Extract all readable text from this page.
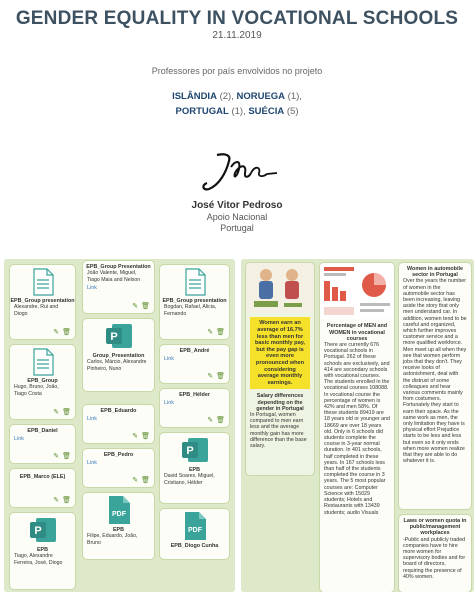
GENDER EQUALITY IN VOCATIONAL SCHOOLS
21.11.2019
Professores por país envolvidos no projeto
ISLÂNDIA (2), NORUEGA (1),
PORTUGAL (1), SUÉCIA (5)
José Vitor Pedroso
Apoio Nacional
Portugal
EPB_Group presentation
Alexandre, Rui and Diogo
✎ 🗑
EPB_Group
Hugo, Bruno, João, Tiago Costa
✎ 🗑
EPB_Daniel
Link
✎ 🗑
EPB_Marco (ELE)
✎ 🗑
P
EPB
Tiago, Alexandre Ferreira, José, Diogo
EPB_Group Presentation
João Valente, Miguel, Tiago Maia and Nelson
Link
✎ 🗑
P
Group_Presentation
Carlos, Márcio, Alexandre Pinheiro, Nuno
EPB_Eduardo
Link
✎ 🗑
EPB_Pedro
Link
✎ 🗑
PDF
EPB
Filipe, Eduardo, João, Bruno
EPB_Group presentation
Bogdan, Rafael, Alicia, Fernando
✎ 🗑
EPB_André
Link
✎ 🗑
EPB_Hélder
Link
✎ 🗑
P
EPB
David Soares, Miguel, Cristiano, Hélder
PDF
EPB_Diogo Cunha
Women earn an average of 16.7% less than men for basic monthly pay, but the pay gap is even more pronounced when considering average monthly earnings.
Salary differences depending on the gender in Portugal
In Portugal, women compared to men earn less and the average monthly gain has more difference than the base salary.
Percentage of MEN and WOMEN in vocational courses
There are currently 676 vocational schools in Portugal. 262 of these schools are exclusively, and 414 are secondary schools with vocational courses. The students enrolled in the vocational courses 108088. In vocational course the percentage of women is 42% and men 58%. Of these students 89419 are 18 years old or younger and 18669 are over 18 years old. Only in 6 schools did students complete the course in 3-year normal duration. In 401 schools, half completed in these years. In 167 schools less than half of the students completed the course in 3 years. The 5 most popular courses are: Computer Science with 15029 students; Hotels and Restaurants with 13439 students; audio Visuals
Women in automobile sector in Portugal
Over the years the number of women in the automobile sector has been increasing, leaving aside the story that only men understand car. In addition, women tend to be careful and organized, which further improves customer service and a more qualified workforce. Men meet up all when they see that women perform jobs that they don't. They receive looks of astonishment, deal with the distrust of some colleagues and hear various comments mainly from costumers. Fortunately they start to earn their space. As the same work as men, the only limitation they have is physical effort Prejudice starts to be less and less but even so it only ends when more women realize that they are able to do whatever it is.
Laws or women quota in public/management workplaces
-Public and publicly traded companies have to hire more women for supervisory bodies and for board of directors, requiring the presence of 40% women.
